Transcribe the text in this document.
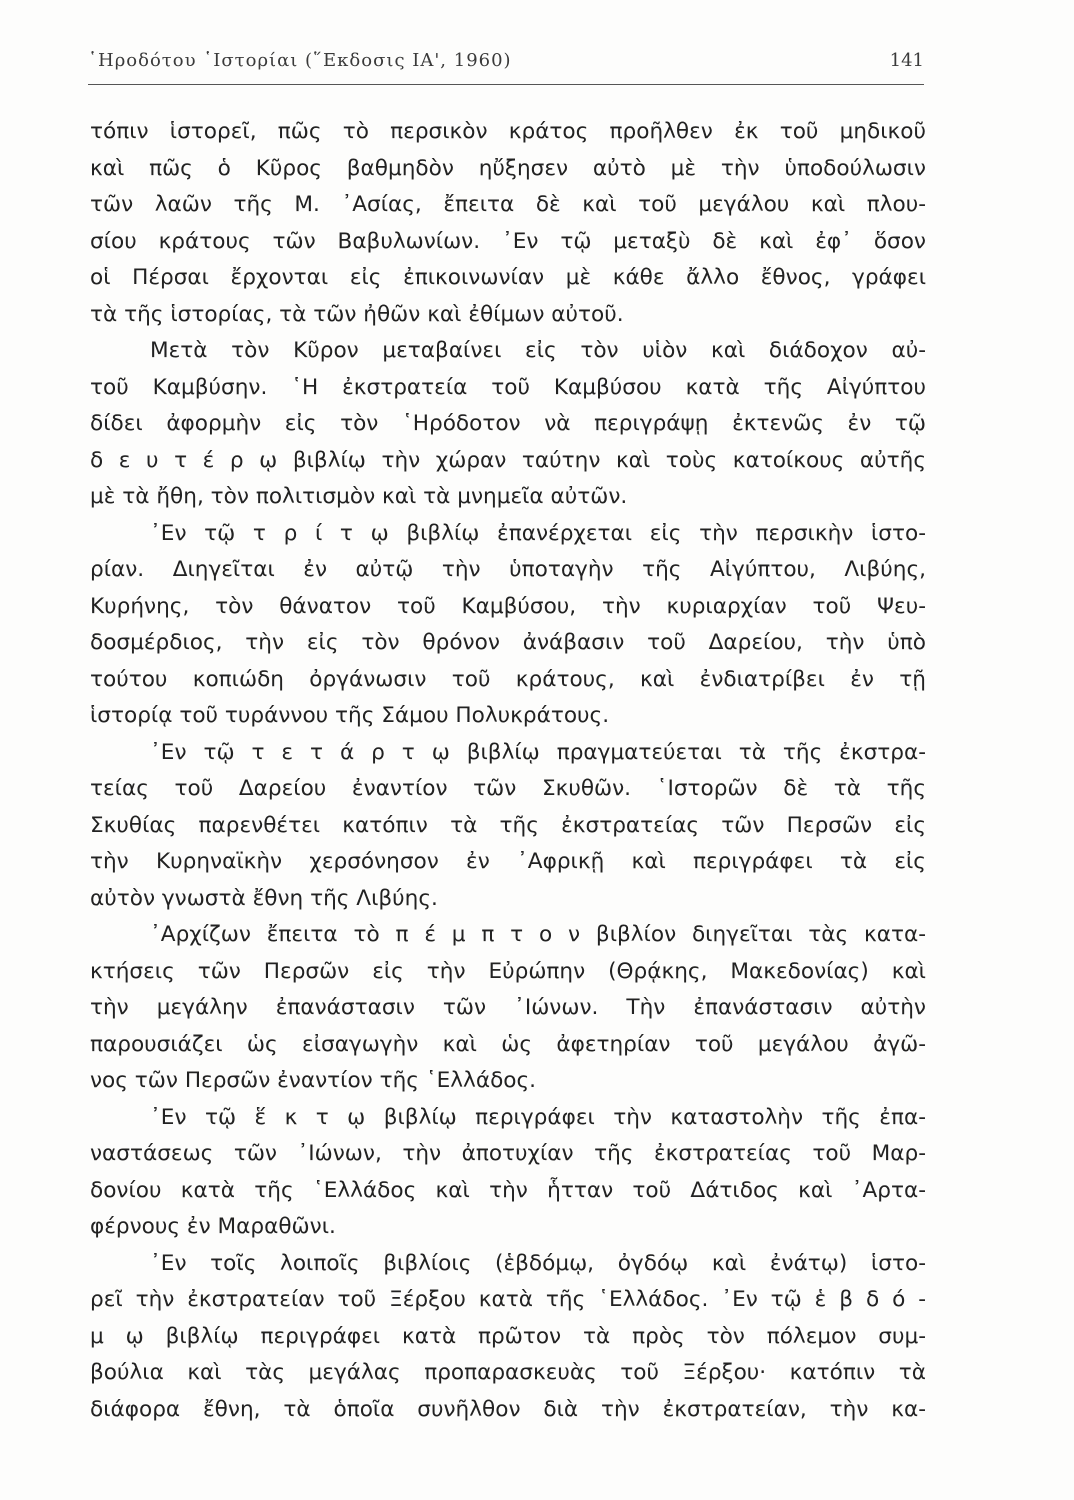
῾Ηροδότου ῾Ιστορίαι (῞Εκδοσις ΙΑ', 1960)	141
τόπιν ἱστορεῖ, πῶς τὸ περσικὸν κράτος προῆλθεν ἐκ τοῦ μηδικοῦ
καὶ πῶς ὁ Κῦρος βαθμηδὸν ηὔξησεν αὐτὸ μὲ τὴν ὑποδούλωσιν
τῶν λαῶν τῆς Μ. ᾿Ασίας, ἔπειτα δὲ καὶ τοῦ μεγάλου καὶ πλου-
σίου κράτους τῶν Βαβυλωνίων. ᾿Εν τῷ μεταξὺ δὲ καὶ ἐφ᾿ ὅσον
οἱ Πέρσαι ἔρχονται εἰς ἐπικοινωνίαν μὲ κάθε ἄλλο ἔθνος, γράφει
τὰ τῆς ἱστορίας, τὰ τῶν ἠθῶν καὶ ἐθίμων αὐτοῦ.
Μετὰ τὸν Κῦρον μεταβαίνει εἰς τὸν υἱὸν καὶ διάδοχον αὐ-
τοῦ Καμβύσην. ῾Η ἐκστρατεία τοῦ Καμβύσου κατὰ τῆς Αἰγύπτου
δίδει ἀφορμὴν εἰς τὸν ῾Ηρόδοτον νὰ περιγράψῃ ἐκτενῶς ἐν τῷ
δ ε υ τ έ ρ ῳ βιβλίῳ τὴν χώραν ταύτην καὶ τοὺς κατοίκους αὐτῆς
μὲ τὰ ἤθη, τὸν πολιτισμὸν καὶ τὰ μνημεῖα αὐτῶν.
᾿Εν τῷ τ ρ ί τ ῳ βιβλίῳ ἐπανέρχεται εἰς τὴν περσικὴν ἱστο-
ρίαν. Διηγεῖται ἐν αὐτῷ τὴν ὑποταγὴν τῆς Αἰγύπτου, Λιβύης,
Κυρήνης, τὸν θάνατον τοῦ Καμβύσου, τὴν κυριαρχίαν τοῦ Ψευ-
δοσμέρδιος, τὴν εἰς τὸν θρόνον ἀνάβασιν τοῦ Δαρείου, τὴν ὑπὸ
τούτου κοπιώδη ὀργάνωσιν τοῦ κράτους, καὶ ἐνδιατρίβει ἐν τῇ
ἱστορίᾳ τοῦ τυράννου τῆς Σάμου Πολυκράτους.
᾿Εν τῷ τ ε τ ά ρ τ ῳ βιβλίῳ πραγματεύεται τὰ τῆς ἐκστρα-
τείας τοῦ Δαρείου ἐναντίον τῶν Σκυθῶν. ῾Ιστορῶν δὲ τὰ τῆς
Σκυθίας παρενθέτει κατόπιν τὰ τῆς ἐκστρατείας τῶν Περσῶν εἰς
τὴν Κυρηναϊκὴν χερσόνησον ἐν ᾿Αφρικῇ καὶ περιγράφει τὰ εἰς
αὐτὸν γνωστὰ ἔθνη τῆς Λιβύης.
᾿Αρχίζων ἔπειτα τὸ π έ μ π τ ο ν βιβλίον διηγεῖται τὰς κατα-
κτήσεις τῶν Περσῶν εἰς τὴν Εὐρώπην (Θρᾴκης, Μακεδονίας) καὶ
τὴν μεγάλην ἐπανάστασιν τῶν ᾿Ιώνων. Τὴν ἐπανάστασιν αὐτὴν
παρουσιάζει ὡς εἰσαγωγὴν καὶ ὡς ἀφετηρίαν τοῦ μεγάλου ἀγῶ-
νος τῶν Περσῶν ἐναντίον τῆς ῾Ελλάδος.
᾿Εν τῷ ἕ κ τ ῳ βιβλίῳ περιγράφει τὴν καταστολὴν τῆς ἐπα-
ναστάσεως τῶν ᾿Ιώνων, τὴν ἀποτυχίαν τῆς ἐκστρατείας τοῦ Μαρ-
δονίου κατὰ τῆς ῾Ελλάδος καὶ τὴν ἧτταν τοῦ Δάτιδος καὶ ᾿Αρτα-
φέρνους ἐν Μαραθῶνι.
᾿Εν τοῖς λοιποῖς βιβλίοις (ἑβδόμῳ, ὀγδόῳ καὶ ἐνάτῳ) ἱστο-
ρεῖ τὴν ἐκστρατείαν τοῦ Ξέρξου κατὰ τῆς ῾Ελλάδος. ᾿Εν τῷ ἑ β δ ό -
μ ῳ βιβλίῳ περιγράφει κατὰ πρῶτον τὰ πρὸς τὸν πόλεμον συμ-
βούλια καὶ τὰς μεγάλας προπαρασκευὰς τοῦ Ξέρξου· κατόπιν τὰ
διάφορα ἔθνη, τὰ ὁποῖα συνῆλθον διὰ τὴν ἐκστρατείαν, τὴν κα-
